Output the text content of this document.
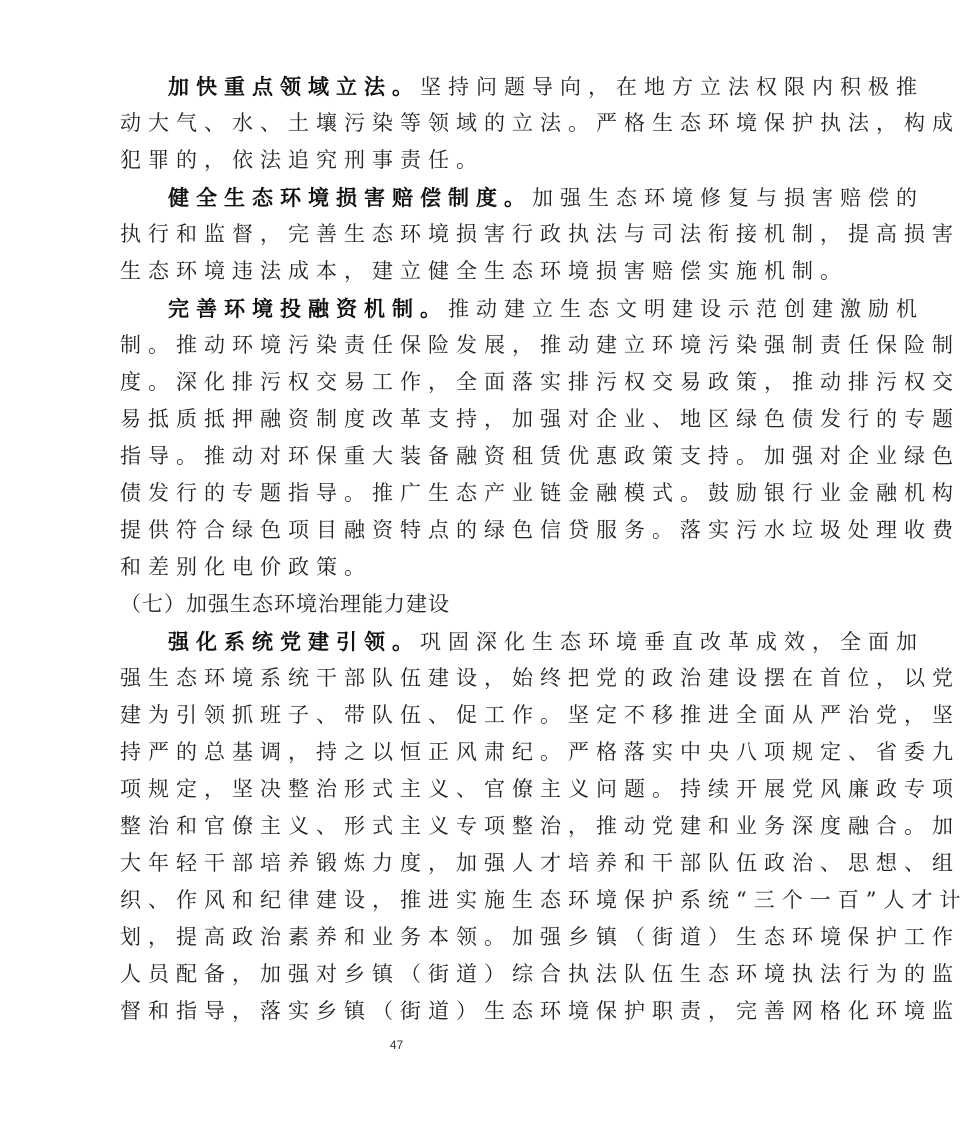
加快重点领域立法。坚持问题导向，在地方立法权限内积极推
动大气、水、土壤污染等领域的立法。严格生态环境保护执法，构成
犯罪的，依法追究刑事责任。
健全生态环境损害赔偿制度。加强生态环境修复与损害赔偿的
执行和监督，完善生态环境损害行政执法与司法衔接机制，提高损害
生态环境违法成本，建立健全生态环境损害赔偿实施机制。
完善环境投融资机制。推动建立生态文明建设示范创建激励机
制。推动环境污染责任保险发展，推动建立环境污染强制责任保险制
度。深化排污权交易工作，全面落实排污权交易政策，推动排污权交
易抵质抵押融资制度改革支持，加强对企业、地区绿色债发行的专题
指导。推动对环保重大装备融资租赁优惠政策支持。加强对企业绿色
债发行的专题指导。推广生态产业链金融模式。鼓励银行业金融机构
提供符合绿色项目融资特点的绿色信贷服务。落实污水垃圾处理收费
和差别化电价政策。
（七）加强生态环境治理能力建设
强化系统党建引领。巩固深化生态环境垂直改革成效，全面加
强生态环境系统干部队伍建设，始终把党的政治建设摆在首位，以党
建为引领抓班子、带队伍、促工作。坚定不移推进全面从严治党，坚
持严的总基调，持之以恒正风肃纪。严格落实中央八项规定、省委九
项规定，坚决整治形式主义、官僚主义问题。持续开展党风廉政专项
整治和官僚主义、形式主义专项整治，推动党建和业务深度融合。加
大年轻干部培养锻炼力度，加强人才培养和干部队伍政治、思想、组
织、作风和纪律建设，推进实施生态环境保护系统“三个一百”人才计
划，提高政治素养和业务本领。加强乡镇（街道）生态环境保护工作
人员配备，加强对乡镇（街道）综合执法队伍生态环境执法行为的监
督和指导，落实乡镇（街道）生态环境保护职责，完善网格化环境监
47
